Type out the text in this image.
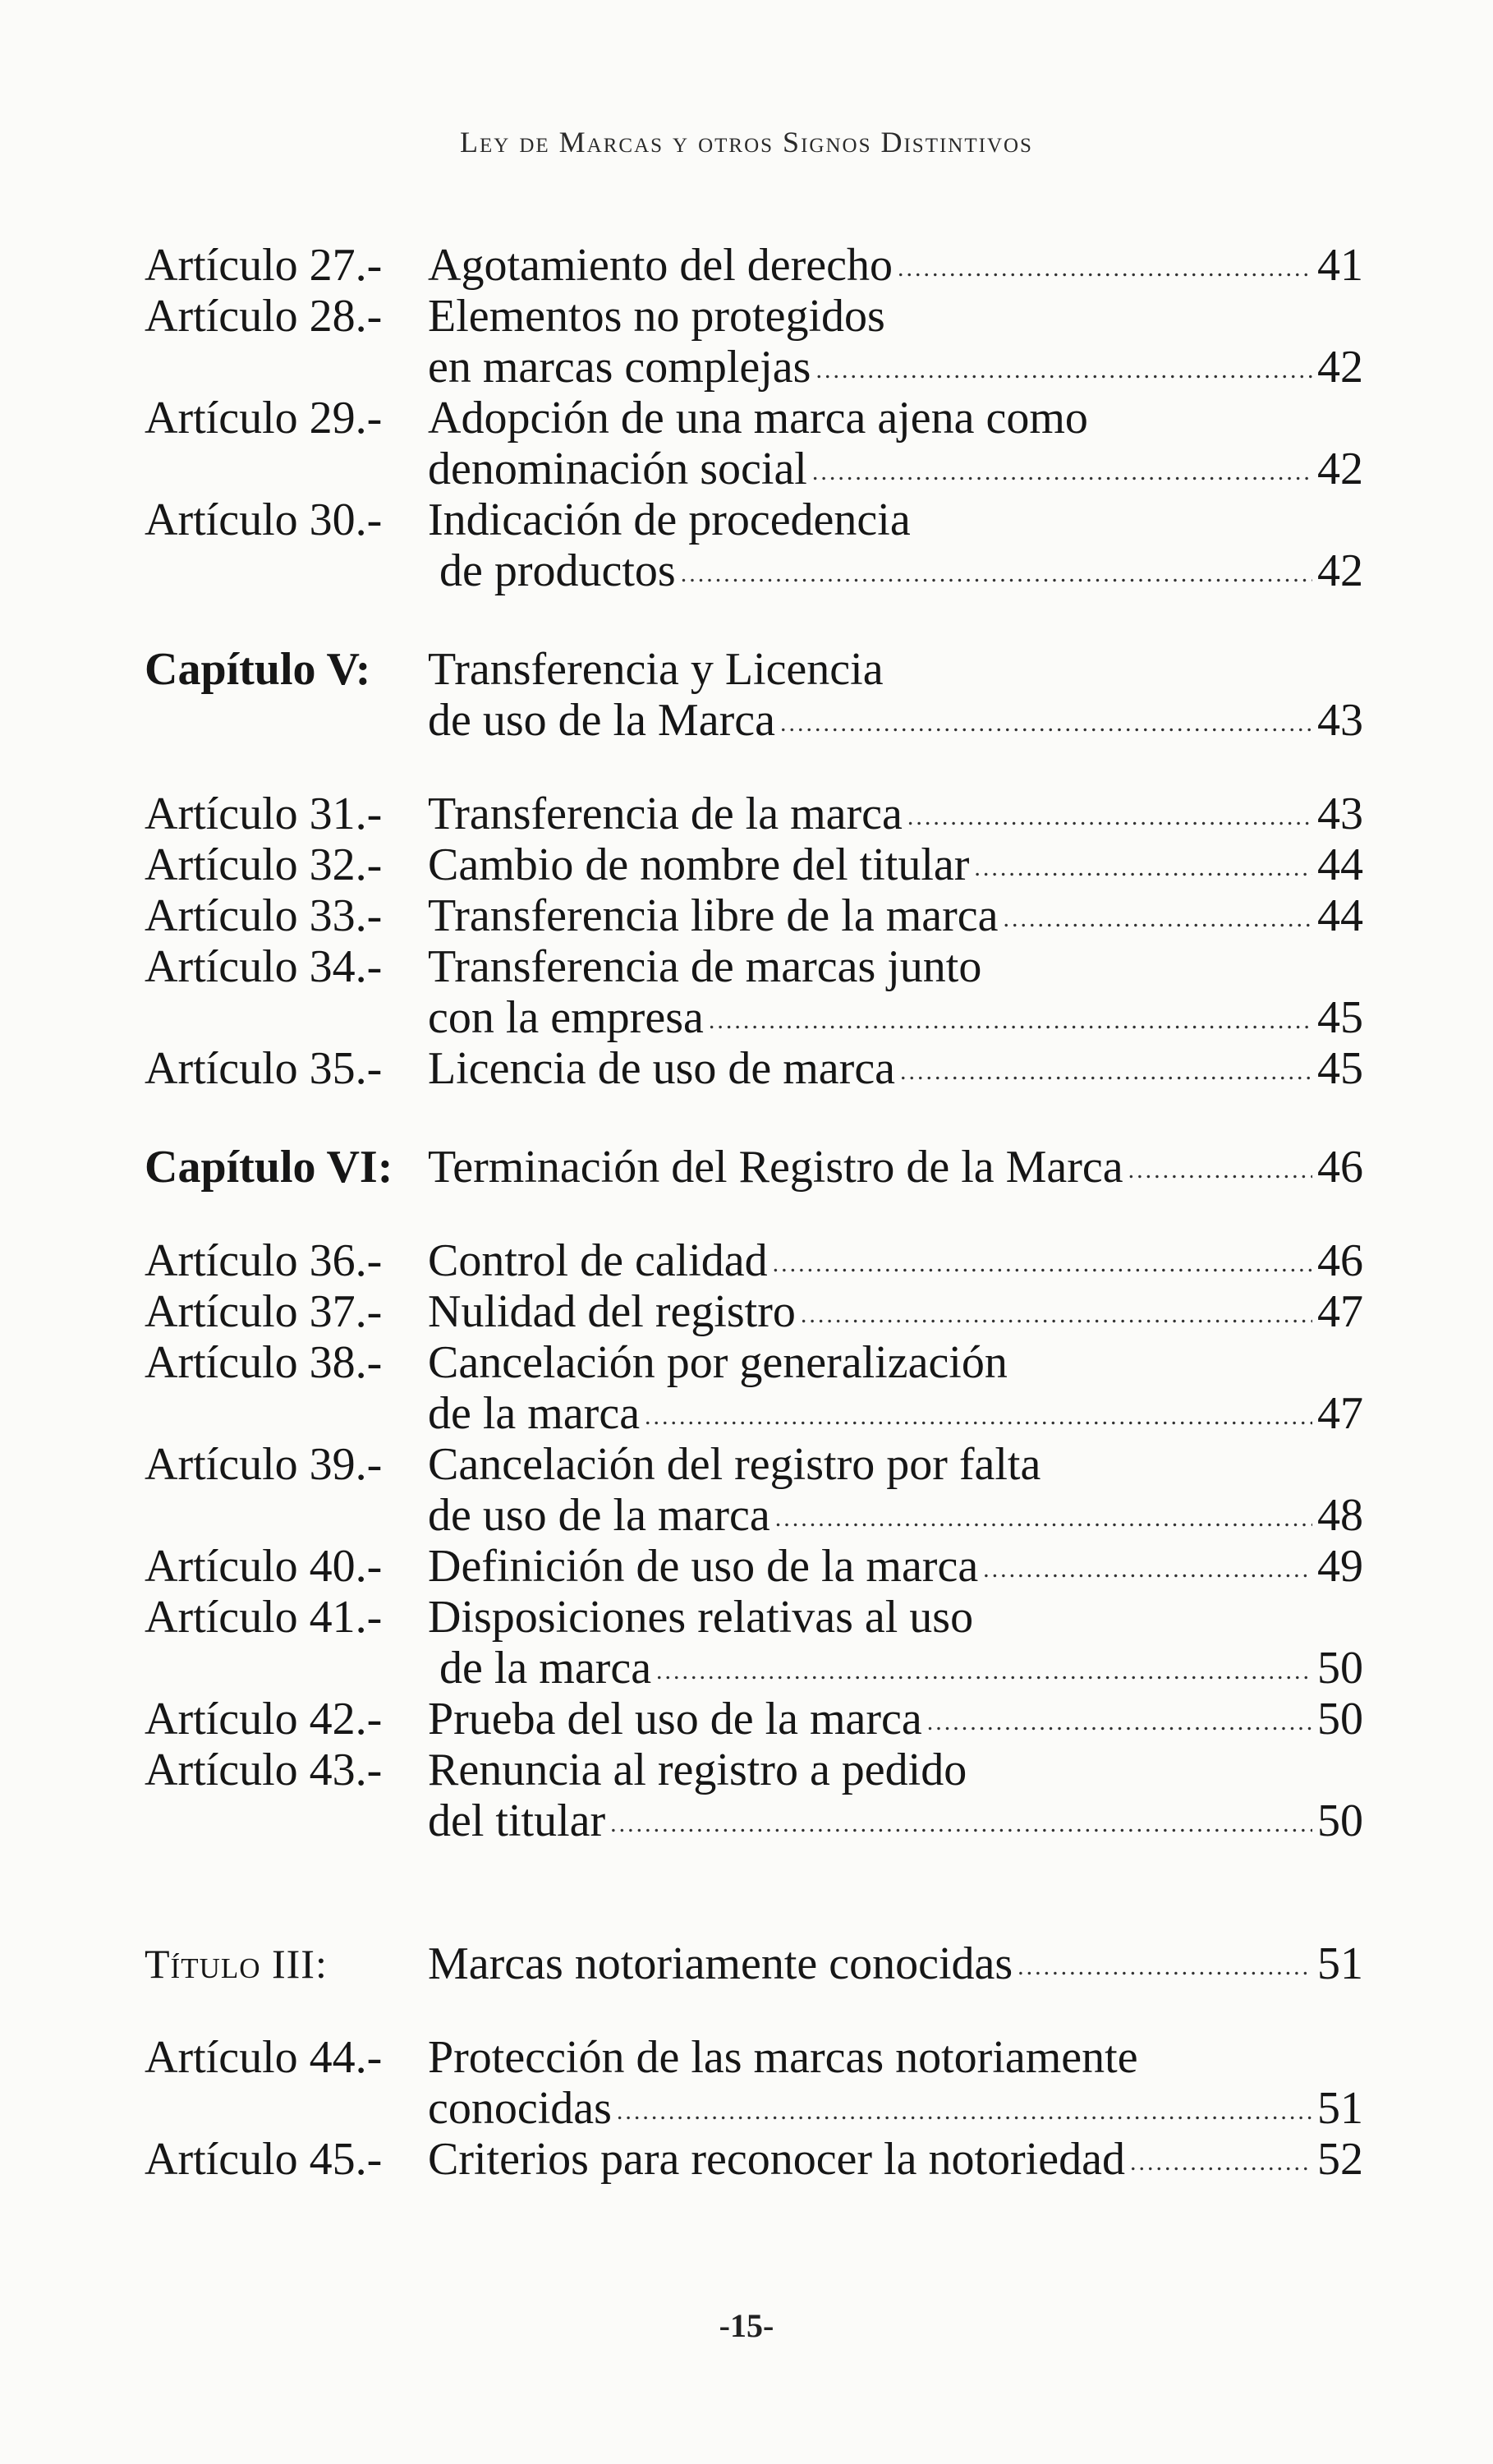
Ley de Marcas y otros Signos Distintivos
Artículo 27.- Agotamiento del derecho .....	41
Artículo 28.- Elementos no protegidos
en marcas complejas .....	42
Artículo 29.- Adopción de una marca ajena como
denominación social .....	42
Artículo 30.- Indicación de procedencia
de productos .....	42
Capítulo V:	Transferencia y Licencia
de uso de la Marca .....	43
Artículo 31.- Transferencia de la marca .....	43
Artículo 32.- Cambio de nombre del titular .....	44
Artículo 33.- Transferencia libre de la marca .....	44
Artículo 34.- Transferencia de marcas junto
con la empresa .....	45
Artículo 35.- Licencia de uso de marca .....	45
Capítulo VI: Terminación del Registro de la Marca .....	46
Artículo 36.- Control de calidad .....	46
Artículo 37.- Nulidad del registro .....	47
Artículo 38.- Cancelación por generalización
de la marca .....	47
Artículo 39.- Cancelación del registro por falta
de uso de la marca .....	48
Artículo 40.- Definición de uso de la marca .....	49
Artículo 41.- Disposiciones relativas al uso
de la marca .....	50
Artículo 42.- Prueba del uso de la marca .....	50
Artículo 43.- Renuncia al registro a pedido
del titular .....	50
Título III:	Marcas notoriamente conocidas .....	51
Artículo 44.- Protección de las marcas notoriamente
conocidas .....	51
Artículo 45.- Criterios para reconocer la notoriedad .....	52
-15-
